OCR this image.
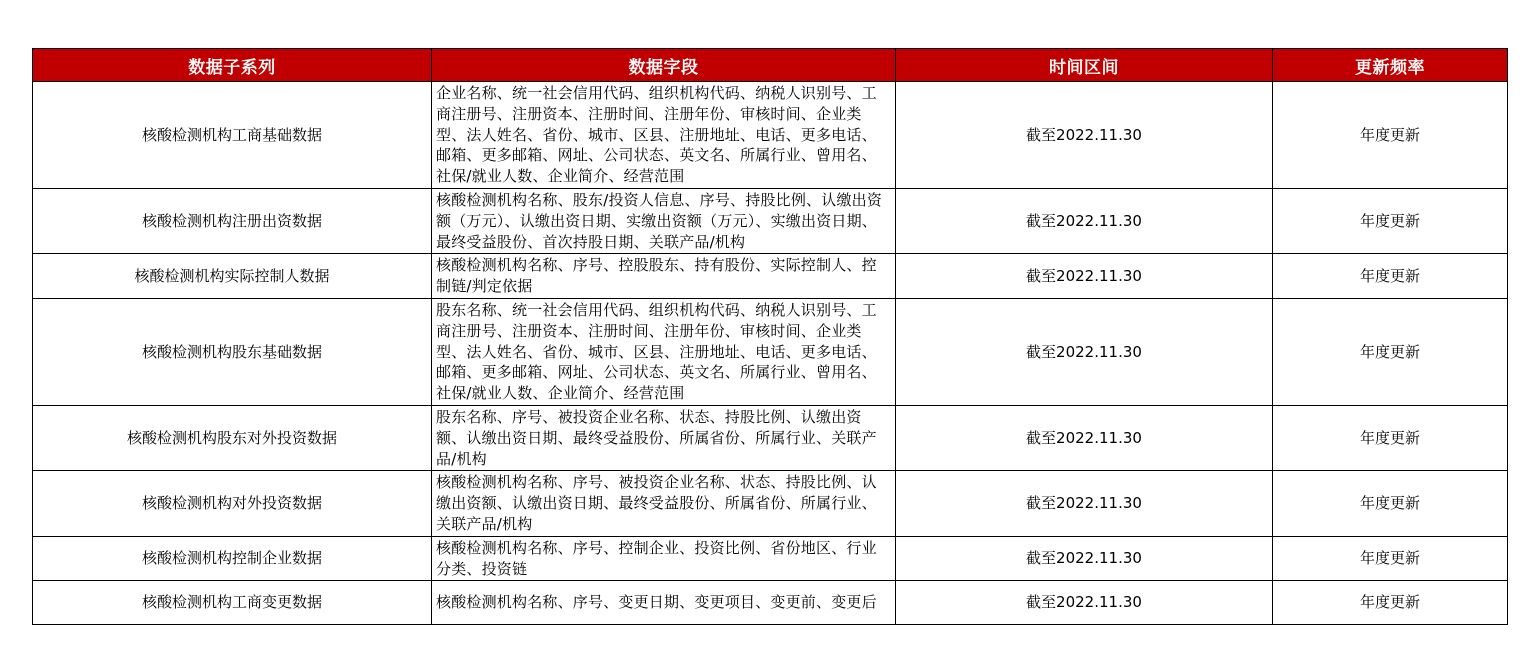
数据子系列	数据字段	时间区间	更新频率
核酸检测机构工商基础数据	企业名称、统一社会信用代码、组织机构代码、纳税人识别号、工商注册号、注册资本、注册时间、注册年份、审核时间、企业类型、法人姓名、省份、城市、区县、注册地址、电话、更多电话、邮箱、更多邮箱、网址、公司状态、英文名、所属行业、曾用名、社保/就业人数、企业简介、经营范围	截至2022.11.30	年度更新
核酸检测机构注册出资数据	核酸检测机构名称、股东/投资人信息、序号、持股比例、认缴出资额（万元）、认缴出资日期、实缴出资额（万元）、实缴出资日期、最终受益股份、首次持股日期、关联产品/机构	截至2022.11.30	年度更新
核酸检测机构实际控制人数据	核酸检测机构名称、序号、控股股东、持有股份、实际控制人、控制链/判定依据	截至2022.11.30	年度更新
核酸检测机构股东基础数据	股东名称、统一社会信用代码、组织机构代码、纳税人识别号、工商注册号、注册资本、注册时间、注册年份、审核时间、企业类型、法人姓名、省份、城市、区县、注册地址、电话、更多电话、邮箱、更多邮箱、网址、公司状态、英文名、所属行业、曾用名、社保/就业人数、企业简介、经营范围	截至2022.11.30	年度更新
核酸检测机构股东对外投资数据	股东名称、序号、被投资企业名称、状态、持股比例、认缴出资额、认缴出资日期、最终受益股份、所属省份、所属行业、关联产品/机构	截至2022.11.30	年度更新
核酸检测机构对外投资数据	核酸检测机构名称、序号、被投资企业名称、状态、持股比例、认缴出资额、认缴出资日期、最终受益股份、所属省份、所属行业、关联产品/机构	截至2022.11.30	年度更新
核酸检测机构控制企业数据	核酸检测机构名称、序号、控制企业、投资比例、省份地区、行业分类、投资链	截至2022.11.30	年度更新
核酸检测机构工商变更数据	核酸检测机构名称、序号、变更日期、变更项目、变更前、变更后	截至2022.11.30	年度更新
